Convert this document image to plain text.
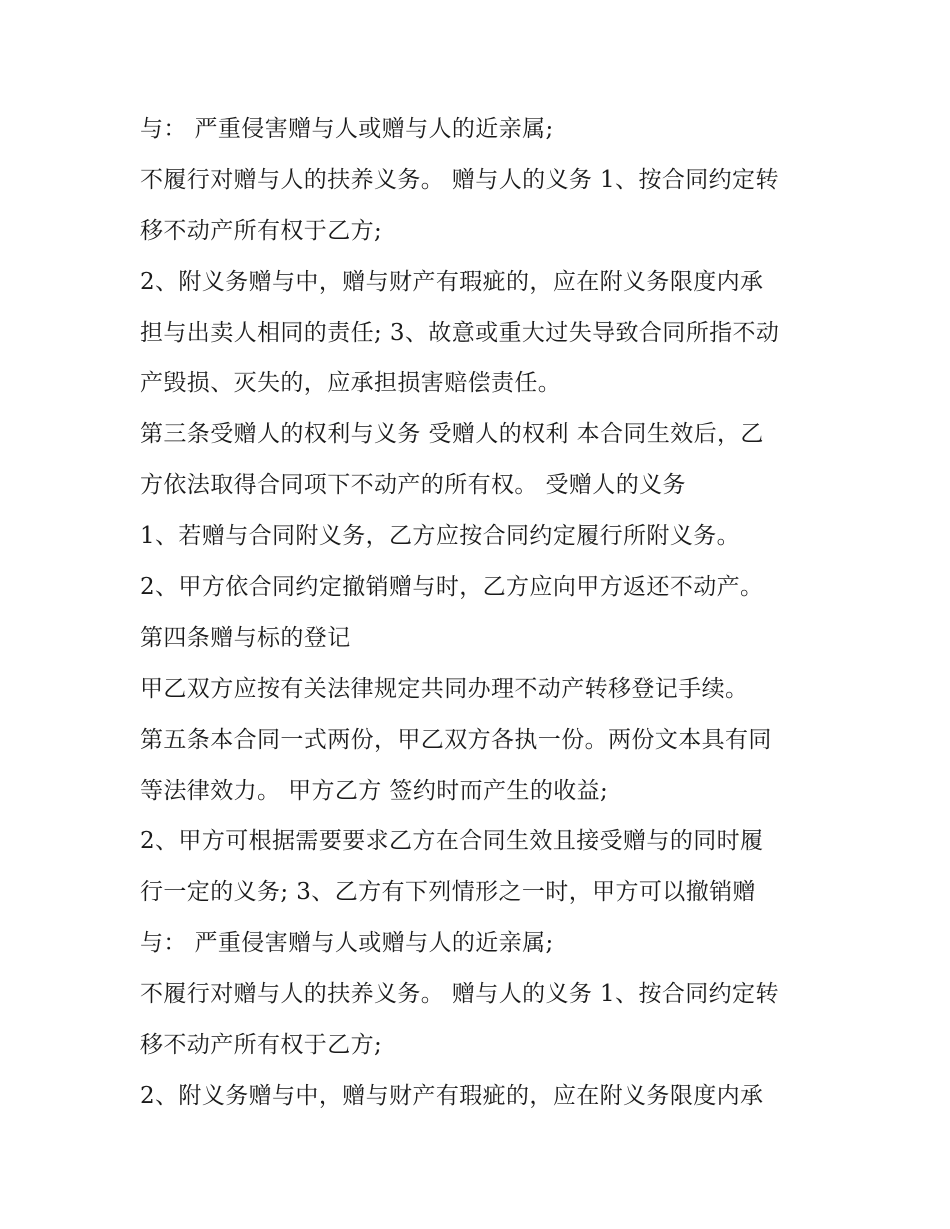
与： 严重侵害赠与人或赠与人的近亲属;
不履行对赠与人的扶养义务。 赠与人的义务 1、按合同约定转
移不动产所有权于乙方;
2、附义务赠与中，赠与财产有瑕疵的，应在附义务限度内承
担与出卖人相同的责任; 3、故意或重大过失导致合同所指不动
产毁损、灭失的，应承担损害赔偿责任。
第三条受赠人的权利与义务 受赠人的权利 本合同生效后，乙
方依法取得合同项下不动产的所有权。 受赠人的义务
1、若赠与合同附义务，乙方应按合同约定履行所附义务。
2、甲方依合同约定撤销赠与时，乙方应向甲方返还不动产。
第四条赠与标的登记
甲乙双方应按有关法律规定共同办理不动产转移登记手续。
第五条本合同一式两份，甲乙双方各执一份。两份文本具有同
等法律效力。 甲方乙方 签约时而产生的收益;
2、甲方可根据需要要求乙方在合同生效且接受赠与的同时履
行一定的义务; 3、乙方有下列情形之一时，甲方可以撤销赠
与： 严重侵害赠与人或赠与人的近亲属;
不履行对赠与人的扶养义务。 赠与人的义务 1、按合同约定转
移不动产所有权于乙方;
2、附义务赠与中，赠与财产有瑕疵的，应在附义务限度内承
